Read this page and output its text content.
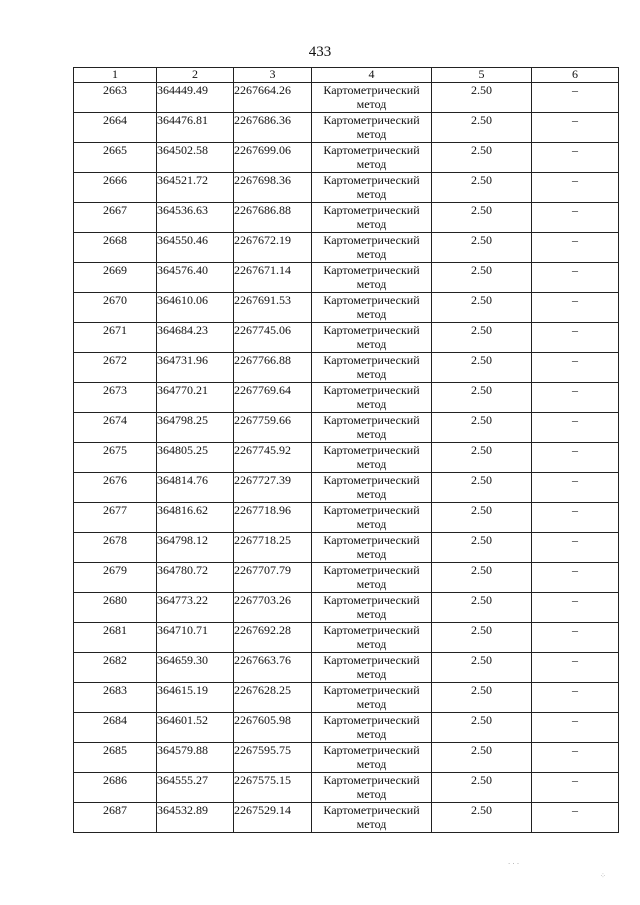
433
1	2	3	4	5	6
2663	364449.49	2267664.26	Картометрический метод	2.50	–
2664	364476.81	2267686.36	Картометрический метод	2.50	–
2665	364502.58	2267699.06	Картометрический метод	2.50	–
2666	364521.72	2267698.36	Картометрический метод	2.50	–
2667	364536.63	2267686.88	Картометрический метод	2.50	–
2668	364550.46	2267672.19	Картометрический метод	2.50	–
2669	364576.40	2267671.14	Картометрический метод	2.50	–
2670	364610.06	2267691.53	Картометрический метод	2.50	–
2671	364684.23	2267745.06	Картометрический метод	2.50	–
2672	364731.96	2267766.88	Картометрический метод	2.50	–
2673	364770.21	2267769.64	Картометрический метод	2.50	–
2674	364798.25	2267759.66	Картометрический метод	2.50	–
2675	364805.25	2267745.92	Картометрический метод	2.50	–
2676	364814.76	2267727.39	Картометрический метод	2.50	–
2677	364816.62	2267718.96	Картометрический метод	2.50	–
2678	364798.12	2267718.25	Картометрический метод	2.50	–
2679	364780.72	2267707.79	Картометрический метод	2.50	–
2680	364773.22	2267703.26	Картометрический метод	2.50	–
2681	364710.71	2267692.28	Картометрический метод	2.50	–
2682	364659.30	2267663.76	Картометрический метод	2.50	–
2683	364615.19	2267628.25	Картометрический метод	2.50	–
2684	364601.52	2267605.98	Картометрический метод	2.50	–
2685	364579.88	2267595.75	Картометрический метод	2.50	–
2686	364555.27	2267575.15	Картометрический метод	2.50	–
2687	364532.89	2267529.14	Картометрический метод	2.50	–
· · ·
⁘
